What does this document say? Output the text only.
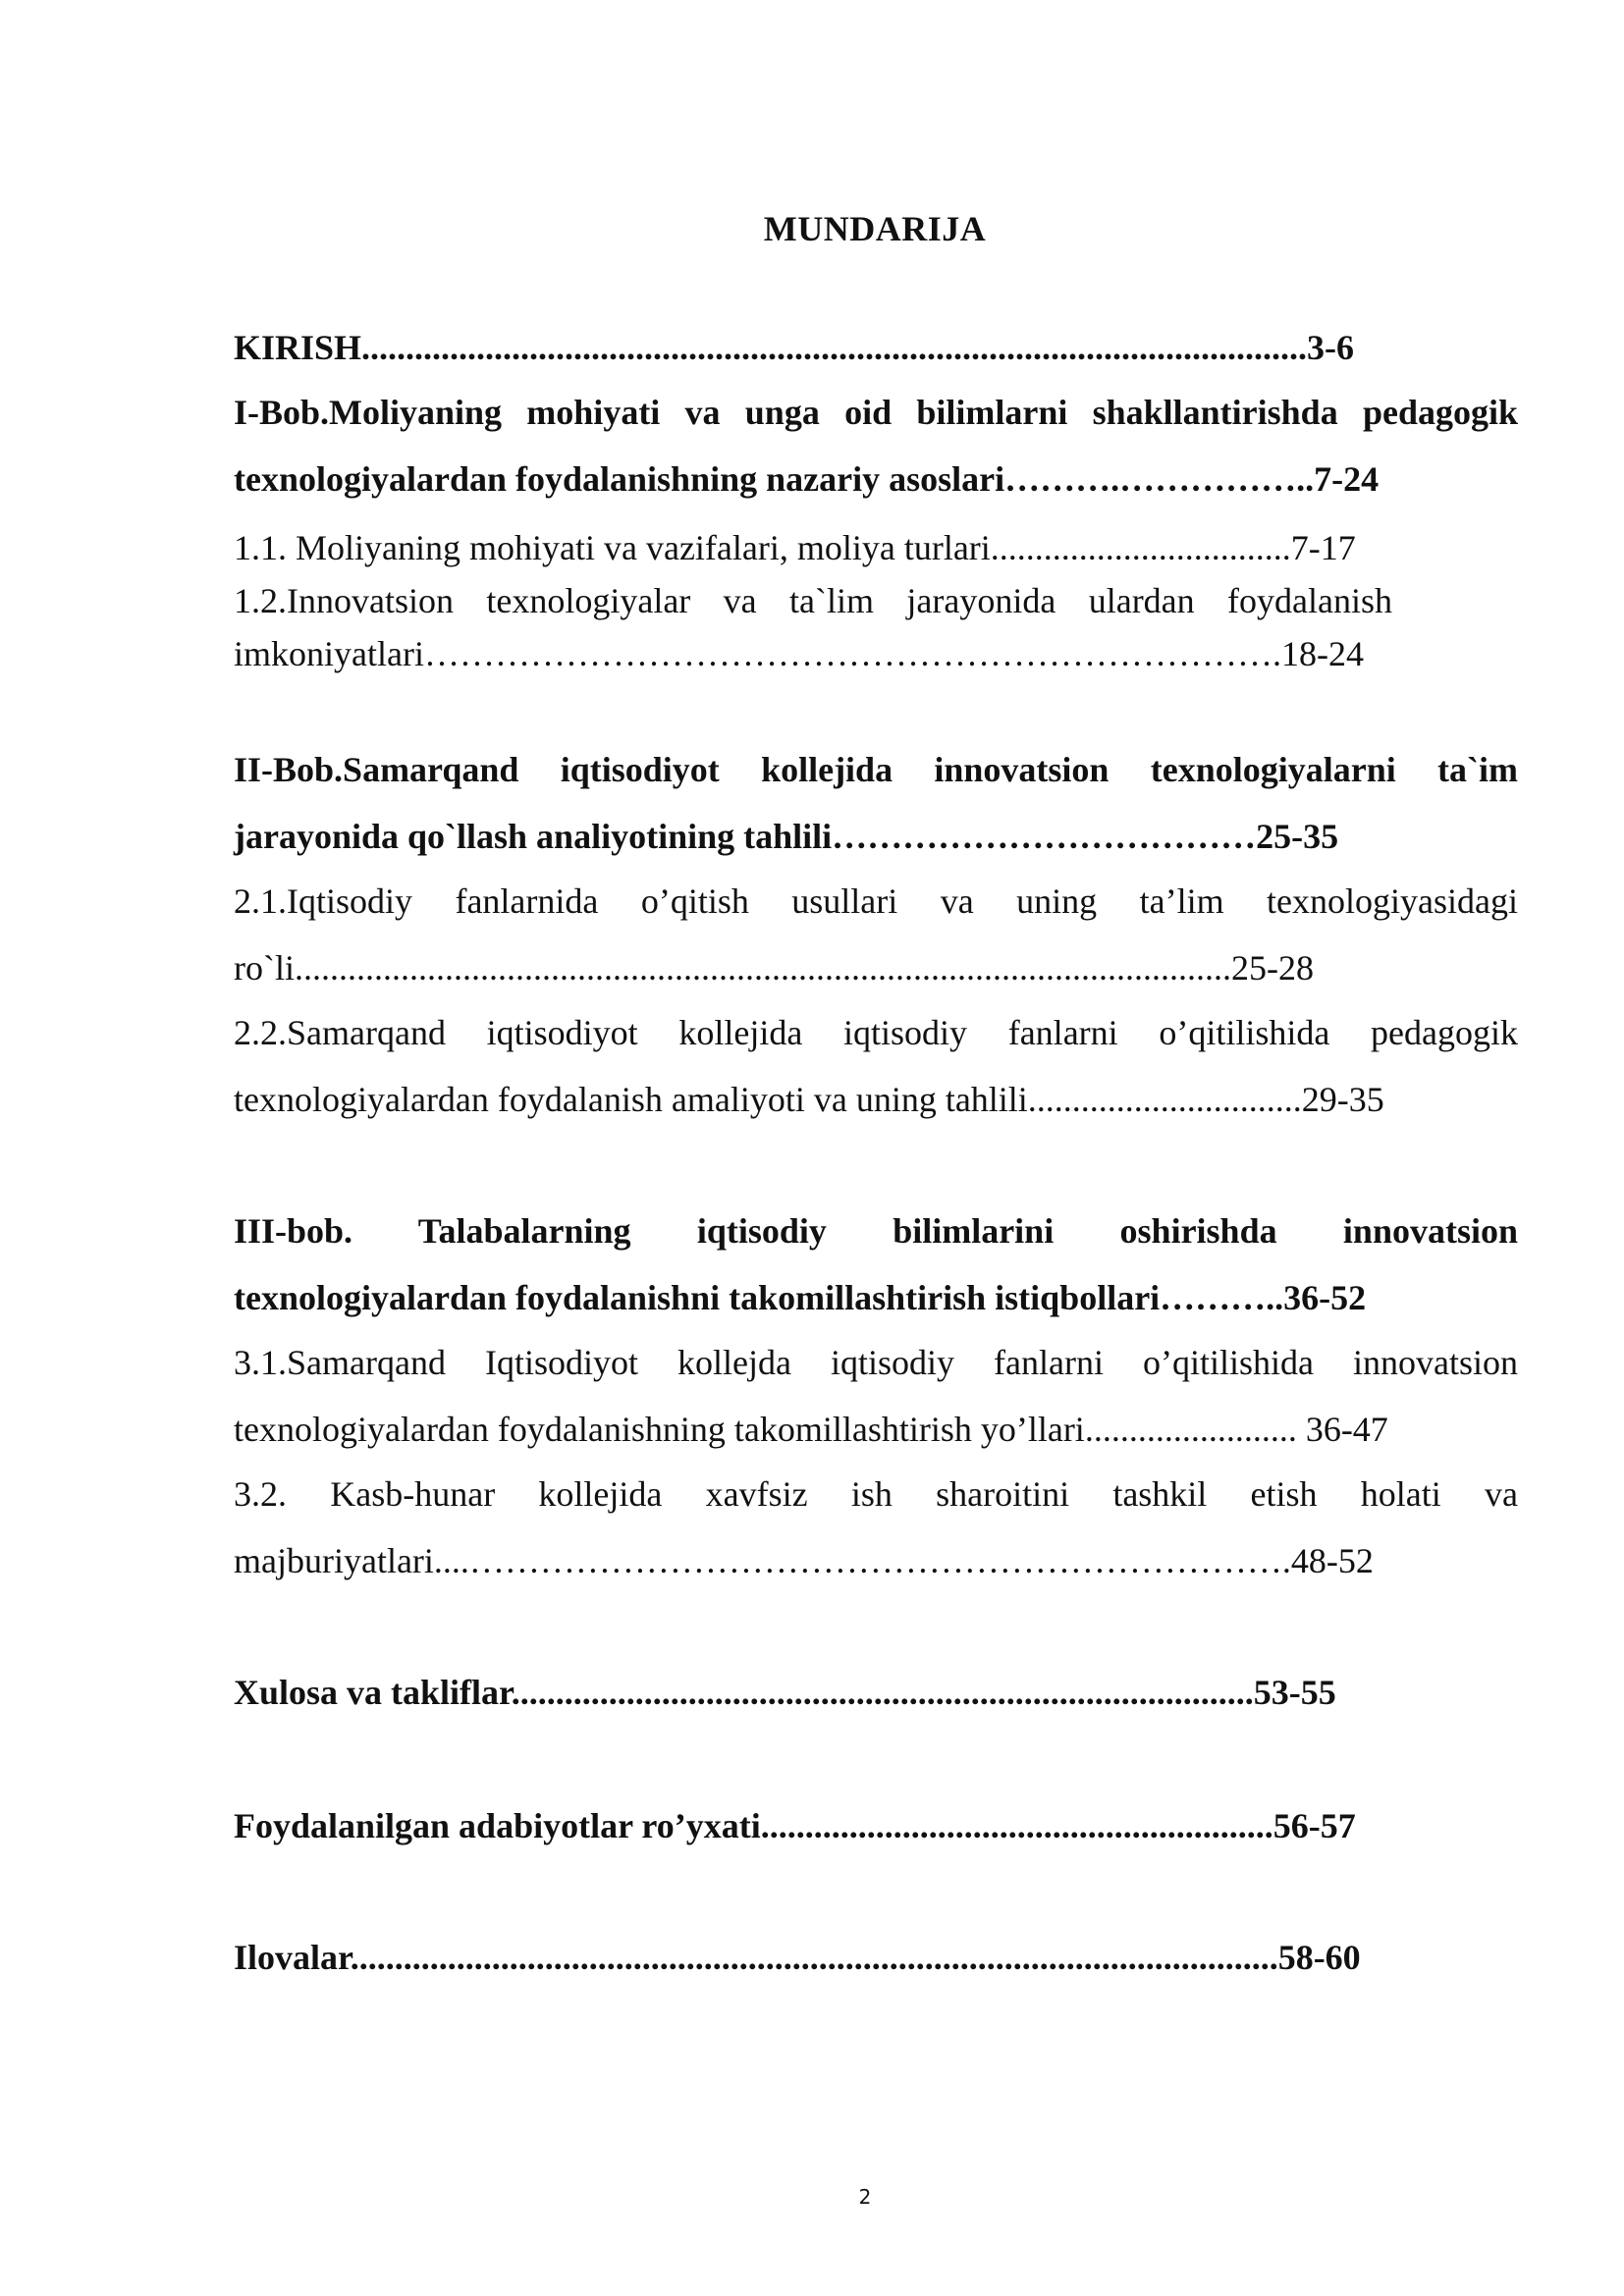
MUNDARIJA
KIRISH...........................................................................................................3-6
I-Bob.Moliyaning mohiyati va unga oid bilimlarni shakllantirishda pedagogik
texnologiyalardan foydalanishning nazariy asoslari……….……………..7-24
1.1. Moliyaning mohiyati va vazifalari, moliya turlari..................................7-17
1.2.Innovatsion texnologiyalar va ta`lim jarayonida ulardan foydalanish
imkoniyatlari……………………………………………………………….18-24
II-Bob.Samarqand iqtisodiyot kollejida innovatsion texnologiyalarni ta`im
jarayonida qo`llash analiyotining tahlili………………………………25-35
2.1.Iqtisodiy fanlarnida o’qitish usullari va uning ta’lim texnologiyasidagi
ro`li..........................................................................................................25-28
2.2.Samarqand iqtisodiyot kollejida iqtisodiy fanlarni o’qitilishida pedagogik
texnologiyalardan foydalanish amaliyoti va uning tahlili...............................29-35
III-bob. Talabalarning iqtisodiy bilimlarini oshirishda innovatsion
texnologiyalardan foydalanishni takomillashtirish istiqbollari………..36-52
3.1.Samarqand Iqtisodiyot kollejda iqtisodiy fanlarni o’qitilishida innovatsion
texnologiyalardan foydalanishning takomillashtirish yo’llari........................ 36-47
3.2. Kasb-hunar kollejida xavfsiz ish sharoitini tashkil etish holati va
majburiyatlari....…………………………………………………………….48-52
Xulosa va takliflar....................................................................................53-55
Foydalanilgan adabiyotlar ro’yxati..........................................................56-57
Ilovalar.........................................................................................................58-60
2
